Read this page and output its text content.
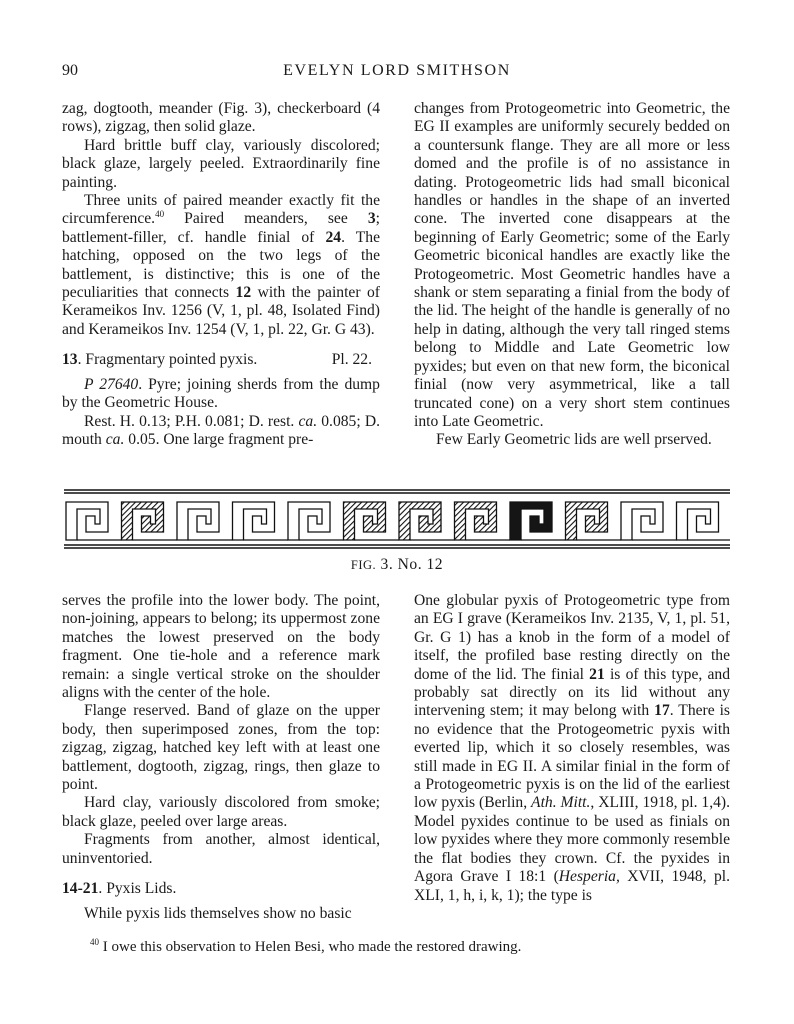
90	EVELYN LORD SMITHSON

zag, dogtooth, meander (Fig. 3), checkerboard (4 rows), zigzag, then solid glaze.

Hard brittle buff clay, variously discolored; black glaze, largely peeled. Extraordinarily fine painting.

Three units of paired meander exactly fit the circumference.$^{40}$ Paired meanders, see 3; battlement-filler, cf. handle finial of 24. The hatching, opposed on the two legs of the battlement, is distinctive; this is one of the peculiarities that connects 12 with the painter of Kerameikos Inv. 1256 (V, 1, pl. 48, Isolated Find) and Kerameikos Inv. 1254 (V, 1, pl. 22, Gr. G 43).

13. Fragmentary pointed pyxis.	Pl. 22.

P 27640. Pyre; joining sherds from the dump by the Geometric House.

Rest. H. 0.13; P.H. 0.081; D. rest. ca. 0.085; D. mouth ca. 0.05. One large fragment pre-

changes from Protogeometric into Geometric, the EG II examples are uniformly securely bedded on a countersunk flange. They are all more or less domed and the profile is of no assistance in dating. Protogeometric lids had small biconical handles or handles in the shape of an inverted cone. The inverted cone disappears at the beginning of Early Geometric; some of the Early Geometric biconical handles are exactly like the Protogeometric. Most Geometric handles have a shank or stem separating a finial from the body of the lid. The height of the handle is generally of no help in dating, although the very tall ringed stems belong to Middle and Late Geometric low pyxides; but even on that new form, the biconical finial (now very asymmetrical, like a tall truncated cone) on a very short stem continues into Late Geometric.

Few Early Geometric lids are well prserved.

FIG. 3. No. 12

serves the profile into the lower body. The point, non-joining, appears to belong; its uppermost zone matches the lowest preserved on the body fragment. One tie-hole and a reference mark remain: a single vertical stroke on the shoulder aligns with the center of the hole.

Flange reserved. Band of glaze on the upper body, then superimposed zones, from the top: zigzag, zigzag, hatched key left with at least one battlement, dogtooth, zigzag, rings, then glaze to point.

Hard clay, variously discolored from smoke; black glaze, peeled over large areas.

Fragments from another, almost identical, uninventoried.

14-21. Pyxis Lids.

While pyxis lids themselves show no basic

One globular pyxis of Protogeometric type from an EG I grave (Kerameikos Inv. 2135, V, 1, pl. 51, Gr. G 1) has a knob in the form of a model of itself, the profiled base resting directly on the dome of the lid. The finial 21 is of this type, and probably sat directly on its lid without any intervening stem; it may belong with 17. There is no evidence that the Protogeometric pyxis with everted lip, which it so closely resembles, was still made in EG II. A similar finial in the form of a Protogeometric pyxis is on the lid of the earliest low pyxis (Berlin, Ath. Mitt., XLIII, 1918, pl. 1,4). Model pyxides continue to be used as finials on low pyxides where they more commonly resemble the flat bodies they crown. Cf. the pyxides in Agora Grave I 18:1 (Hesperia, XVII, 1948, pl. XLI, 1, h, i, k, 1); the type is

$^{40}$ I owe this observation to Helen Besi, who made the restored drawing.
